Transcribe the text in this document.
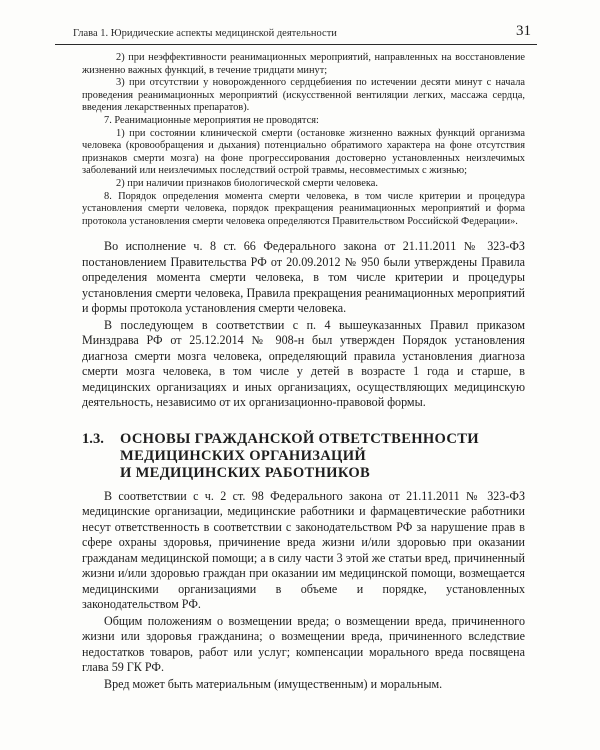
Глава 1. Юридические аспекты медицинской деятельности	31

2) при неэффективности реанимационных мероприятий, направленных на восстановление жизненно важных функций, в течение тридцати минут;

3) при отсутствии у новорожденного сердцебиения по истечении десяти минут с начала проведения реанимационных мероприятий (искусственной вентиляции легких, массажа сердца, введения лекарственных препаратов).

7. Реанимационные мероприятия не проводятся:

1) при состоянии клинической смерти (остановке жизненно важных функций организма человека (кровообращения и дыхания) потенциально обратимого характера на фоне отсутствия признаков смерти мозга) на фоне прогрессирования достоверно установленных неизлечимых заболеваний или неизлечимых последствий острой травмы, несовместимых с жизнью;

2) при наличии признаков биологической смерти человека.

8. Порядок определения момента смерти человека, в том числе критерии и процедура установления смерти человека, порядок прекращения реанимационных мероприятий и форма протокола установления смерти человека определяются Правительством Российской Федерации».

Во исполнение ч. 8 ст. 66 Федерального закона от 21.11.2011 № 323-ФЗ постановлением Правительства РФ от 20.09.2012 № 950 были утверждены Правила определения момента смерти человека, в том числе критерии и процедуры установления смерти человека, Правила прекращения реанимационных мероприятий и формы протокола установления смерти человека.

В последующем в соответствии с п. 4 вышеуказанных Правил приказом Минздрава РФ от 25.12.2014 № 908-н был утвержден Порядок установления диагноза смерти мозга человека, определяющий правила установления диагноза смерти мозга человека, в том числе у детей в возрасте 1 года и старше, в медицинских организациях и иных организациях, осуществляющих медицинскую деятельность, независимо от их организационно-правовой формы.

1.3.	ОСНОВЫ ГРАЖДАНСКОЙ ОТВЕТСТВЕННОСТИ
МЕДИЦИНСКИХ ОРГАНИЗАЦИЙ
И МЕДИЦИНСКИХ РАБОТНИКОВ

В соответствии с ч. 2 ст. 98 Федерального закона от 21.11.2011 № 323-ФЗ медицинские организации, медицинские работники и фармацевтические работники несут ответственность в соответствии с законодательством РФ за нарушение прав в сфере охраны здоровья, причинение вреда жизни и/или здоровью при оказании гражданам медицинской помощи; а в силу части 3 этой же статьи вред, причиненный жизни и/или здоровью граждан при оказании им медицинской помощи, возмещается медицинскими организациями в объеме и порядке, установленных законодательством РФ.

Общим положениям о возмещении вреда; о возмещении вреда, причиненного жизни или здоровья гражданина; о возмещении вреда, причиненного вследствие недостатков товаров, работ или услуг; компенсации морального вреда посвящена глава 59 ГК РФ.

Вред может быть материальным (имущественным) и моральным.
